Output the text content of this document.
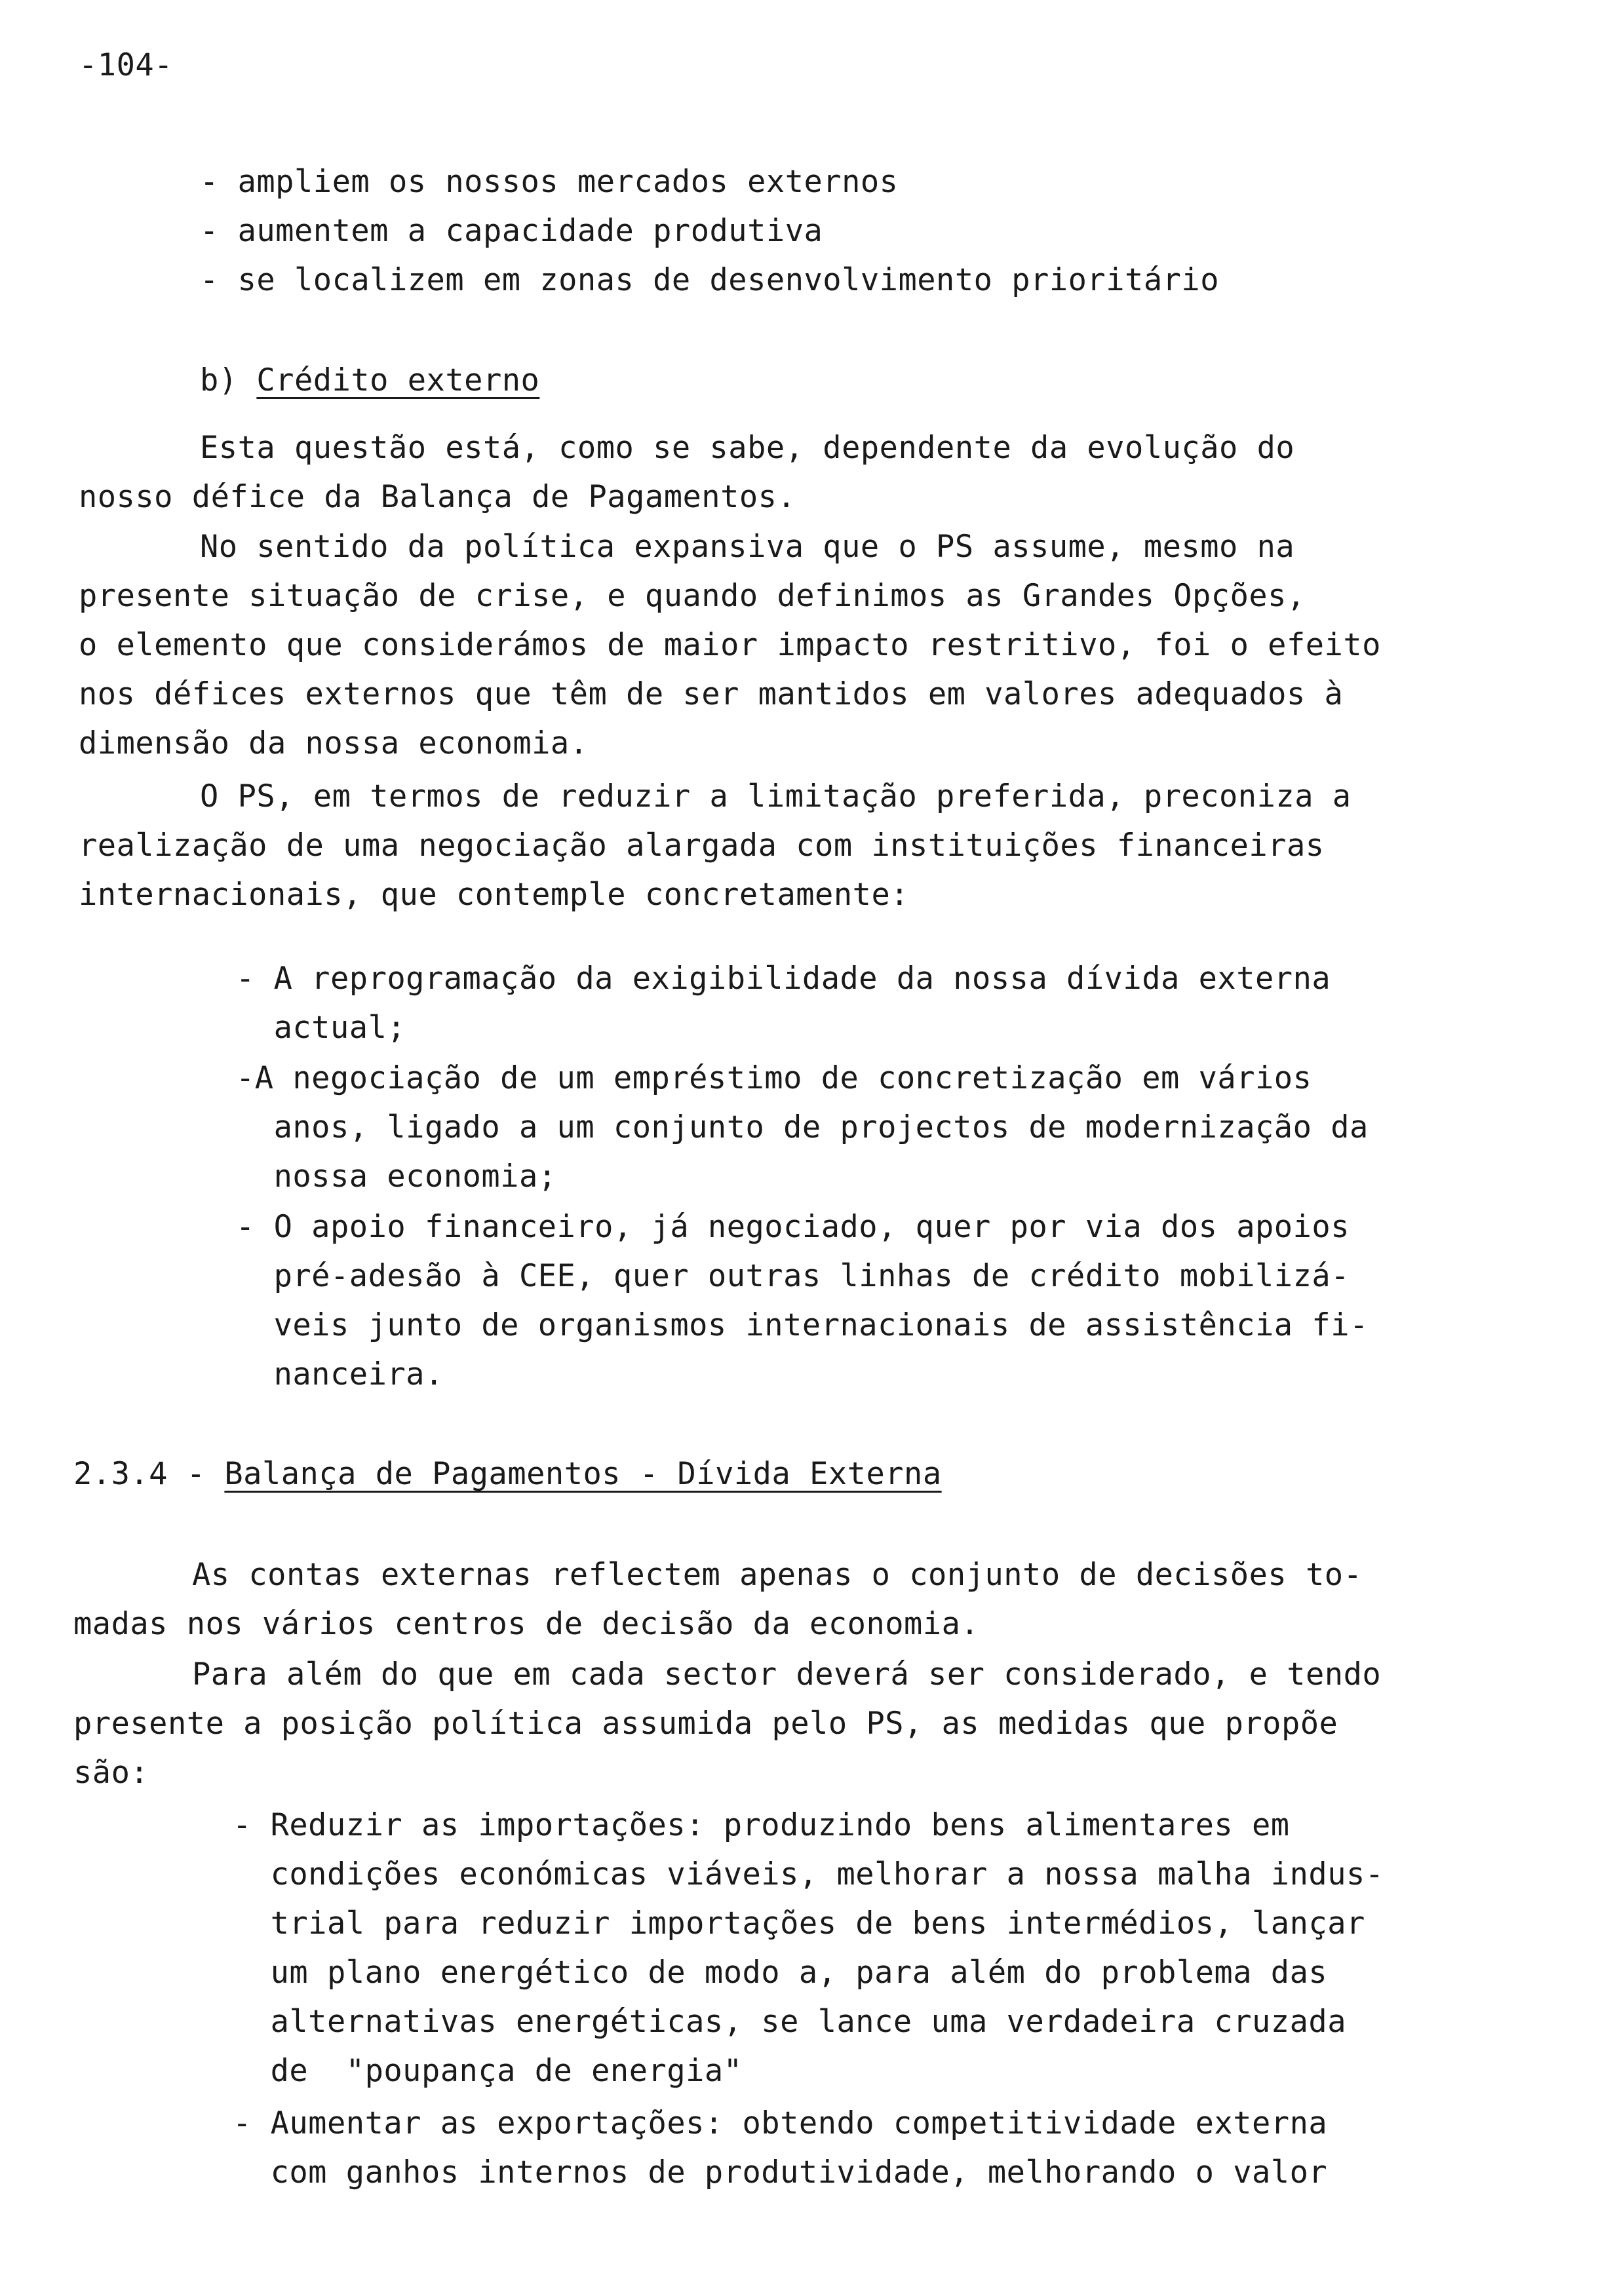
-104-
- ampliem os nossos mercados externos
- aumentem a capacidade produtiva
- se localizem em zonas de desenvolvimento prioritário
b) Crédito externo
Esta questão está, como se sabe, dependente da evolução do
nosso défice da Balança de Pagamentos.
No sentido da política expansiva que o PS assume, mesmo na
presente situação de crise, e quando definimos as Grandes Opções,
o elemento que considerámos de maior impacto restritivo, foi o efeito
nos défices externos que têm de ser mantidos em valores adequados à
dimensão da nossa economia.
O PS, em termos de reduzir a limitação preferida, preconiza a
realização de uma negociação alargada com instituições financeiras
internacionais, que contemple concretamente:
- A reprogramação da exigibilidade da nossa dívida externa
actual;
-A negociação de um empréstimo de concretização em vários
anos, ligado a um conjunto de projectos de modernização da
nossa economia;
- O apoio financeiro, já negociado, quer por via dos apoios
pré-adesão à CEE, quer outras linhas de crédito mobilizá-
veis junto de organismos internacionais de assistência fi-
nanceira.
2.3.4 - Balança de Pagamentos - Dívida Externa
As contas externas reflectem apenas o conjunto de decisões to-
madas nos vários centros de decisão da economia.
Para além do que em cada sector deverá ser considerado, e tendo
presente a posição política assumida pelo PS, as medidas que propõe
são:
- Reduzir as importações: produzindo bens alimentares em
condições económicas viáveis, melhorar a nossa malha indus-
trial para reduzir importações de bens intermédios, lançar
um plano energético de modo a, para além do problema das
alternativas energéticas, se lance uma verdadeira cruzada
de  "poupança de energia"
- Aumentar as exportações: obtendo competitividade externa
com ganhos internos de produtividade, melhorando o valor
